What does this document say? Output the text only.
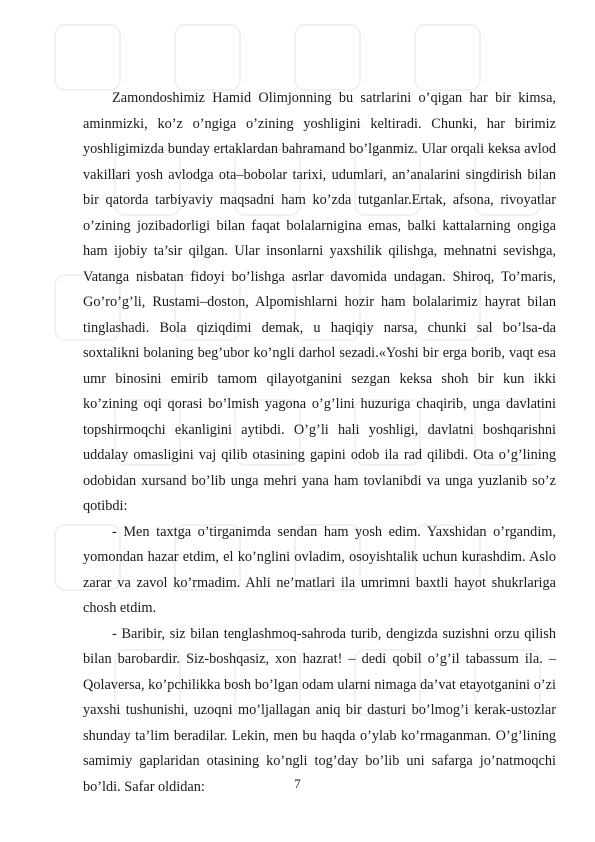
Zamondoshimiz Hamid Olimjonning bu satrlarini o’qigan har bir kimsa, aminmizki, ko’z o’ngiga o’zining yoshligini keltiradi. Chunki, har birimiz yoshligimizda bunday ertaklardan bahramand bo’lganmiz. Ular orqali keksa avlod vakillari yosh avlodga ota–bobolar tarixi, udumlari, an’analarini singdirish bilan bir qatorda tarbiyaviy maqsadni ham ko’zda tutganlar.Ertak, afsona, rivoyatlar o’zining jozibadorligi bilan faqat bolalarnigina emas, balki kattalarning ongiga ham ijobiy ta’sir qilgan. Ular insonlarni yaxshilik qilishga, mehnatni sevishga, Vatanga nisbatan fidoyi bo’lishga asrlar davomida undagan. Shiroq, To’maris, Go’ro’g’li, Rustami–doston, Alpomishlarni hozir ham bolalarimiz hayrat bilan tinglashadi. Bola qiziqdimi demak, u haqiqiy narsa, chunki sal bo’lsa-da soxtalikni bolaning beg’ubor ko’ngli darhol sezadi.«Yoshi bir erga borib, vaqt esa umr binosini emirib tamom qilayotganini sezgan keksa shoh bir kun ikki ko’zining oqi qorasi bo’lmish yagona o’g’lini huzuriga chaqirib, unga davlatini topshirmoqchi ekanligini aytibdi. O’g’li hali yoshligi, davlatni boshqarishni uddalay omasligini vaj qilib otasining gapini odob ila rad qilibdi. Ota o’g’lining odobidan xursand bo’lib unga mehri yana ham tovlanibdi va unga yuzlanib so’z qotibdi:

- Men taxtga o’tirganimda sendan ham yosh edim. Yaxshidan o’rgandim, yomondan hazar etdim, el ko’nglini ovladim, osoyishtalik uchun kurashdim. Aslo zarar va zavol ko’rmadim. Ahli ne’matlari ila umrimni baxtli hayot shukrlariga chosh etdim.

- Baribir, siz bilan tenglashmoq-sahroda turib, dengizda suzishni orzu qilish bilan barobardir. Siz-boshqasiz, xon hazrat! – dedi qobil o’g’il tabassum ila. – Qolaversa, ko’pchilikka bosh bo’lgan odam ularni nimaga da’vat etayotganini o’zi yaxshi tushunishi, uzoqni mo’ljallagan aniq bir dasturi bo’lmog’i kerak-ustozlar shunday ta’lim beradilar. Lekin, men bu haqda o’ylab ko’rmaganman. O’g’lining samimiy gaplaridan otasining ko’ngli tog’day bo’lib uni safarga jo’natmoqchi bo’ldi. Safar oldidan:	7
